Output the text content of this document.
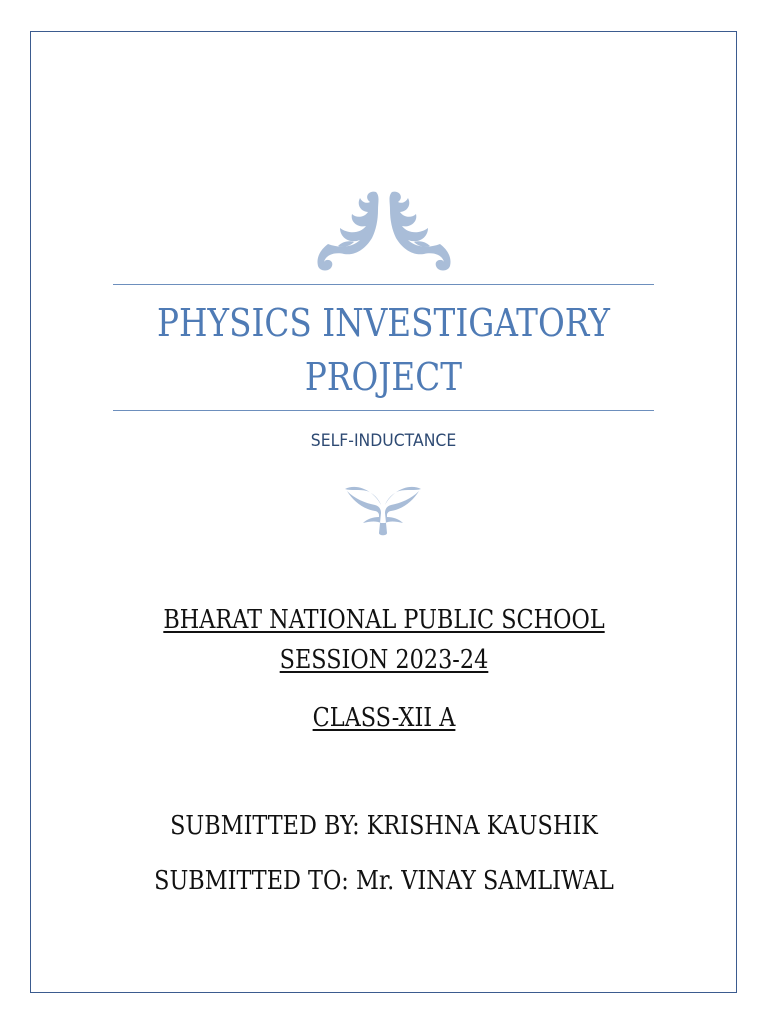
PHYSICS INVESTIGATORY
PROJECT
SELF-INDUCTANCE
BHARAT NATIONAL PUBLIC SCHOOL
SESSION 2023-24
CLASS-XII A
SUBMITTED BY: KRISHNA KAUSHIK
SUBMITTED TO: Mr. VINAY SAMLIWAL
